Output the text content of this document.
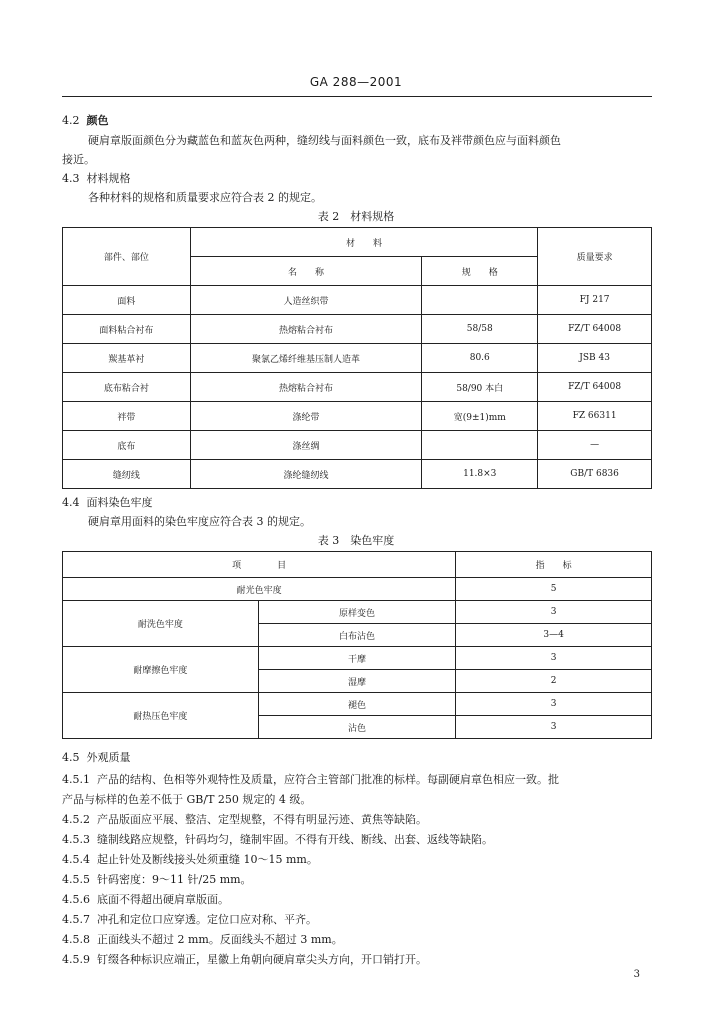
GA 288—2001
4.2 颜色
硬肩章版面颜色分为藏蓝色和蓝灰色两种，缝纫线与面料颜色一致，底布及袢带颜色应与面料颜色
接近。
4.3 材料规格
各种材料的规格和质量要求应符合表 2 的规定。
表 2　材料规格
部件、部位	材　　料		质量要求
	名　　称	规　　格	
面料	人造丝织带		FJ 217
面料粘合衬布	热熔粘合衬布	58/58	FZ/T 64008
羰基革衬	聚氯乙烯纤维基压制人造革	80.6	JSB 43
底布粘合衬	热熔粘合衬布	58/90 本白	FZ/T 64008
袢带	涤纶带	宽(9±1)mm	FZ 66311
底布	涤丝绸		—
缝纫线	涤纶缝纫线	11.8×3	GB/T 6836
4.4 面料染色牢度
硬肩章用面料的染色牢度应符合表 3 的规定。
表 3　染色牢度
项　　　　目		指　　标
耐光色牢度		5
耐洗色牢度	原样变色	3
	白布沾色	3—4
耐摩擦色牢度	干摩	3
	湿摩	2
耐热压色牢度	褪色	3
	沾色	3
4.5 外观质量
4.5.1 产品的结构、色相等外观特性及质量，应符合主管部门批准的标样。每副硬肩章色相应一致。批
产品与标样的色差不低于 GB/T 250 规定的 4 级。
4.5.2 产品版面应平展、整洁、定型规整，不得有明显污迹、黄焦等缺陷。
4.5.3 缝制线路应规整，针码均匀，缝制牢固。不得有开线、断线、出套、返线等缺陷。
4.5.4 起止针处及断线接头处须重缝 10～15 mm。
4.5.5 针码密度：9～11 针/25 mm。
4.5.6 底面不得超出硬肩章版面。
4.5.7 冲孔和定位口应穿透。定位口应对称、平齐。
4.5.8 正面线头不超过 2 mm。反面线头不超过 3 mm。
4.5.9 钉缀各种标识应端正，星徽上角朝向硬肩章尖头方向，开口销打开。
3
